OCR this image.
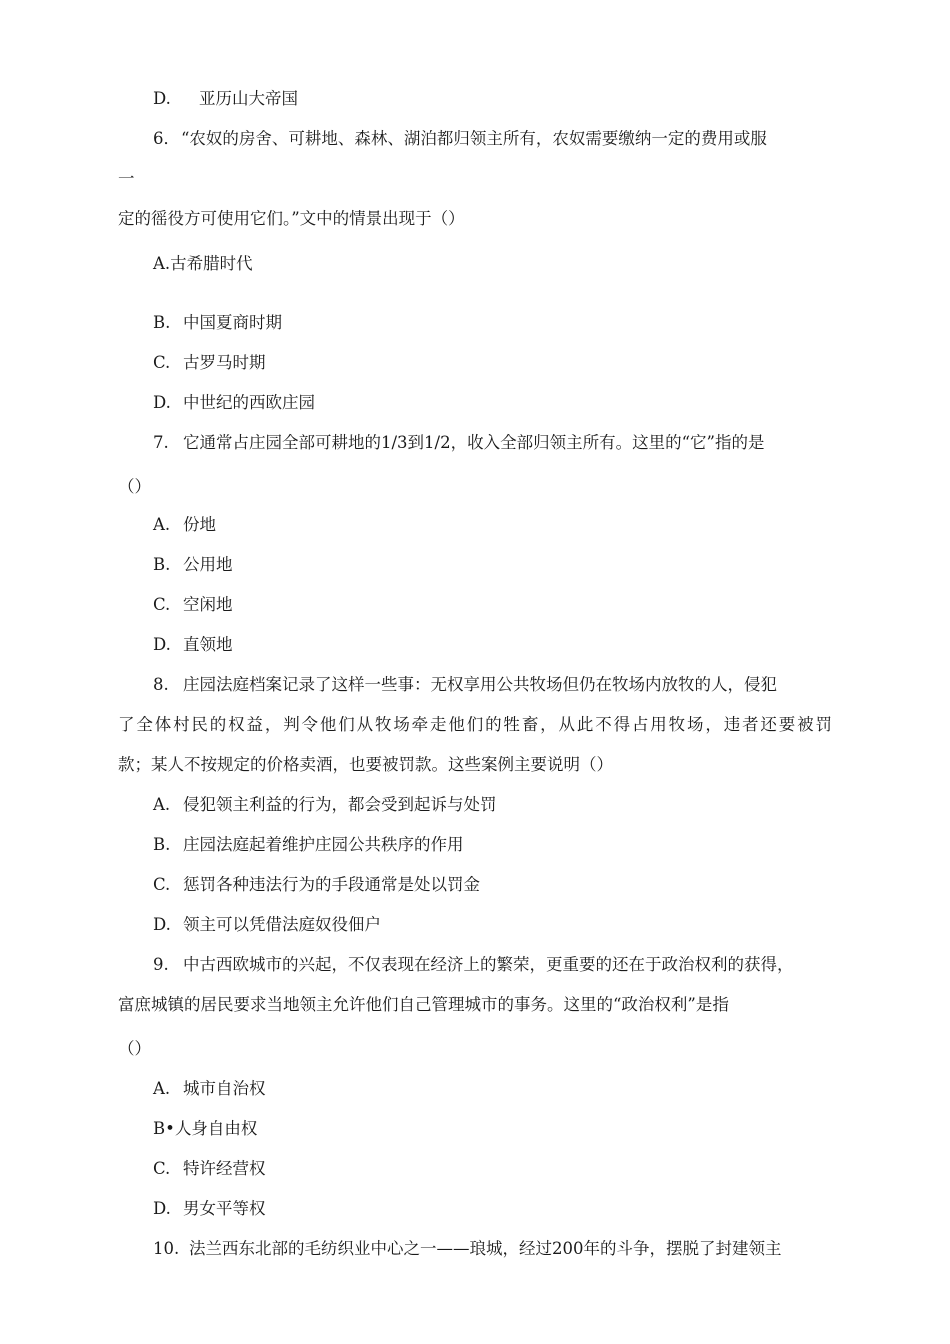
D. 亚历山大帝国
6．“农奴的房舍、可耕地、森林、湖泊都归领主所有，农奴需要缴纳一定的费用或服
一
定的徭役方可使用它们。”文中的情景出现于（）
A.古希腊时代
B. 中国夏商时期
C. 古罗马时期
D. 中世纪的西欧庄园
7. 它通常占庄园全部可耕地的1/3到1/2，收入全部归领主所有。这里的“它”指的是
（）
A. 份地
B. 公用地
C. 空闲地
D. 直领地
8. 庄园法庭档案记录了这样一些事：无权享用公共牧场但仍在牧场内放牧的人，侵犯
了全体村民的权益，判令他们从牧场牵走他们的牲畜，从此不得占用牧场，违者还要被罚
款；某人不按规定的价格卖酒，也要被罚款。这些案例主要说明（）
A. 侵犯领主利益的行为，都会受到起诉与处罚
B. 庄园法庭起着维护庄园公共秩序的作用
C. 惩罚各种违法行为的手段通常是处以罚金
D. 领主可以凭借法庭奴役佃户
9. 中古西欧城市的兴起，不仅表现在经济上的繁荣，更重要的还在于政治权利的获得，
富庶城镇的居民要求当地领主允许他们自己管理城市的事务。这里的“政治权利”是指
（）
A. 城市自治权
B•人身自由权
C. 特许经营权
D. 男女平等权
10. 法兰西东北部的毛纺织业中心之一——琅城，经过200年的斗争，摆脱了封建领主
